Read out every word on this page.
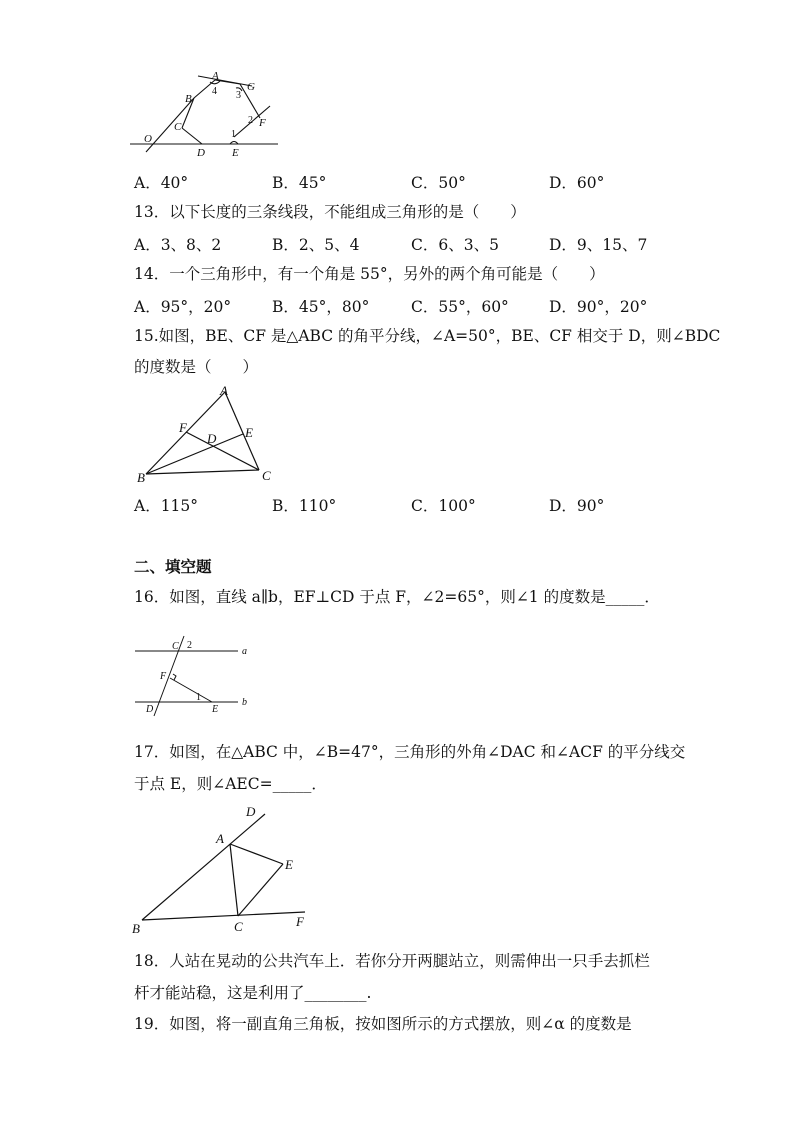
A
4	G
3
B
C
2 F
1
O
D E
A．40°	B．45°	C．50°	D．60°
13．以下长度的三条线段，不能组成三角形的是（　　）
A．3、8、2	B．2、5、4	C．6、3、5	D．9、15、7
14．一个三角形中，有一个角是 55°，另外的两个角可能是（　　）
A．95°，20°	B．45°，80°	C．55°，60°	D．90°，20°
15.如图，BE、CF 是△ABC 的角平分线，∠A=50°，BE、CF 相交于 D，则∠BDC
的度数是（　　）
A
F	E
D
B	C
A．115°	B．110°	C．100°	D．90°
二、填空题
16．如图，直线 a∥b，EF⊥CD 于点 F，∠2=65°，则∠1 的度数是_____．
C 2
a
F
1
D	E
b
17．如图，在△ABC 中，∠B=47°，三角形的外角∠DAC 和∠ACF 的平分线交
于点 E，则∠AEC=_____．
D
A
E
B	C	F
18．人站在晃动的公共汽车上．若你分开两腿站立，则需伸出一只手去抓栏
杆才能站稳，这是利用了________.
19．如图，将一副直角三角板，按如图所示的方式摆放，则∠α 的度数是
